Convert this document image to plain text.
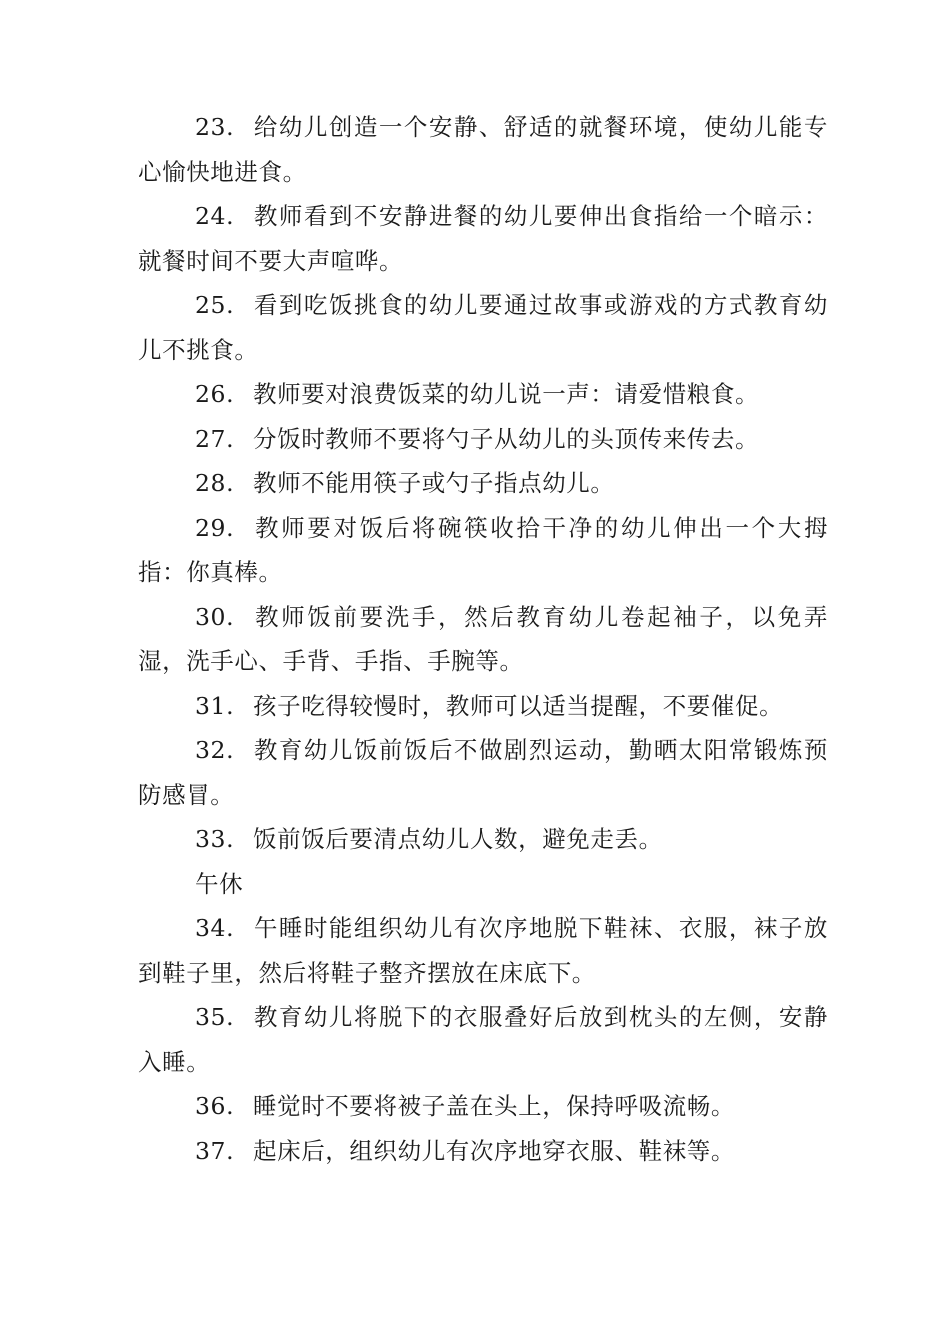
23. 给幼儿创造一个安静、舒适的就餐环境，使幼儿能专心愉快地进食。

24. 教师看到不安静进餐的幼儿要伸出食指给一个暗示：就餐时间不要大声喧哗。

25. 看到吃饭挑食的幼儿要通过故事或游戏的方式教育幼儿不挑食。

26. 教师要对浪费饭菜的幼儿说一声：请爱惜粮食。

27. 分饭时教师不要将勺子从幼儿的头顶传来传去。

28. 教师不能用筷子或勺子指点幼儿。

29. 教师要对饭后将碗筷收拾干净的幼儿伸出一个大拇指：你真棒。

30. 教师饭前要洗手，然后教育幼儿卷起袖子，以免弄湿，洗手心、手背、手指、手腕等。

31. 孩子吃得较慢时，教师可以适当提醒，不要催促。

32. 教育幼儿饭前饭后不做剧烈运动，勤晒太阳常锻炼预防感冒。

33. 饭前饭后要清点幼儿人数，避免走丢。

午休

34. 午睡时能组织幼儿有次序地脱下鞋袜、衣服，袜子放到鞋子里，然后将鞋子整齐摆放在床底下。

35. 教育幼儿将脱下的衣服叠好后放到枕头的左侧，安静入睡。

36. 睡觉时不要将被子盖在头上，保持呼吸流畅。

37. 起床后，组织幼儿有次序地穿衣服、鞋袜等。
